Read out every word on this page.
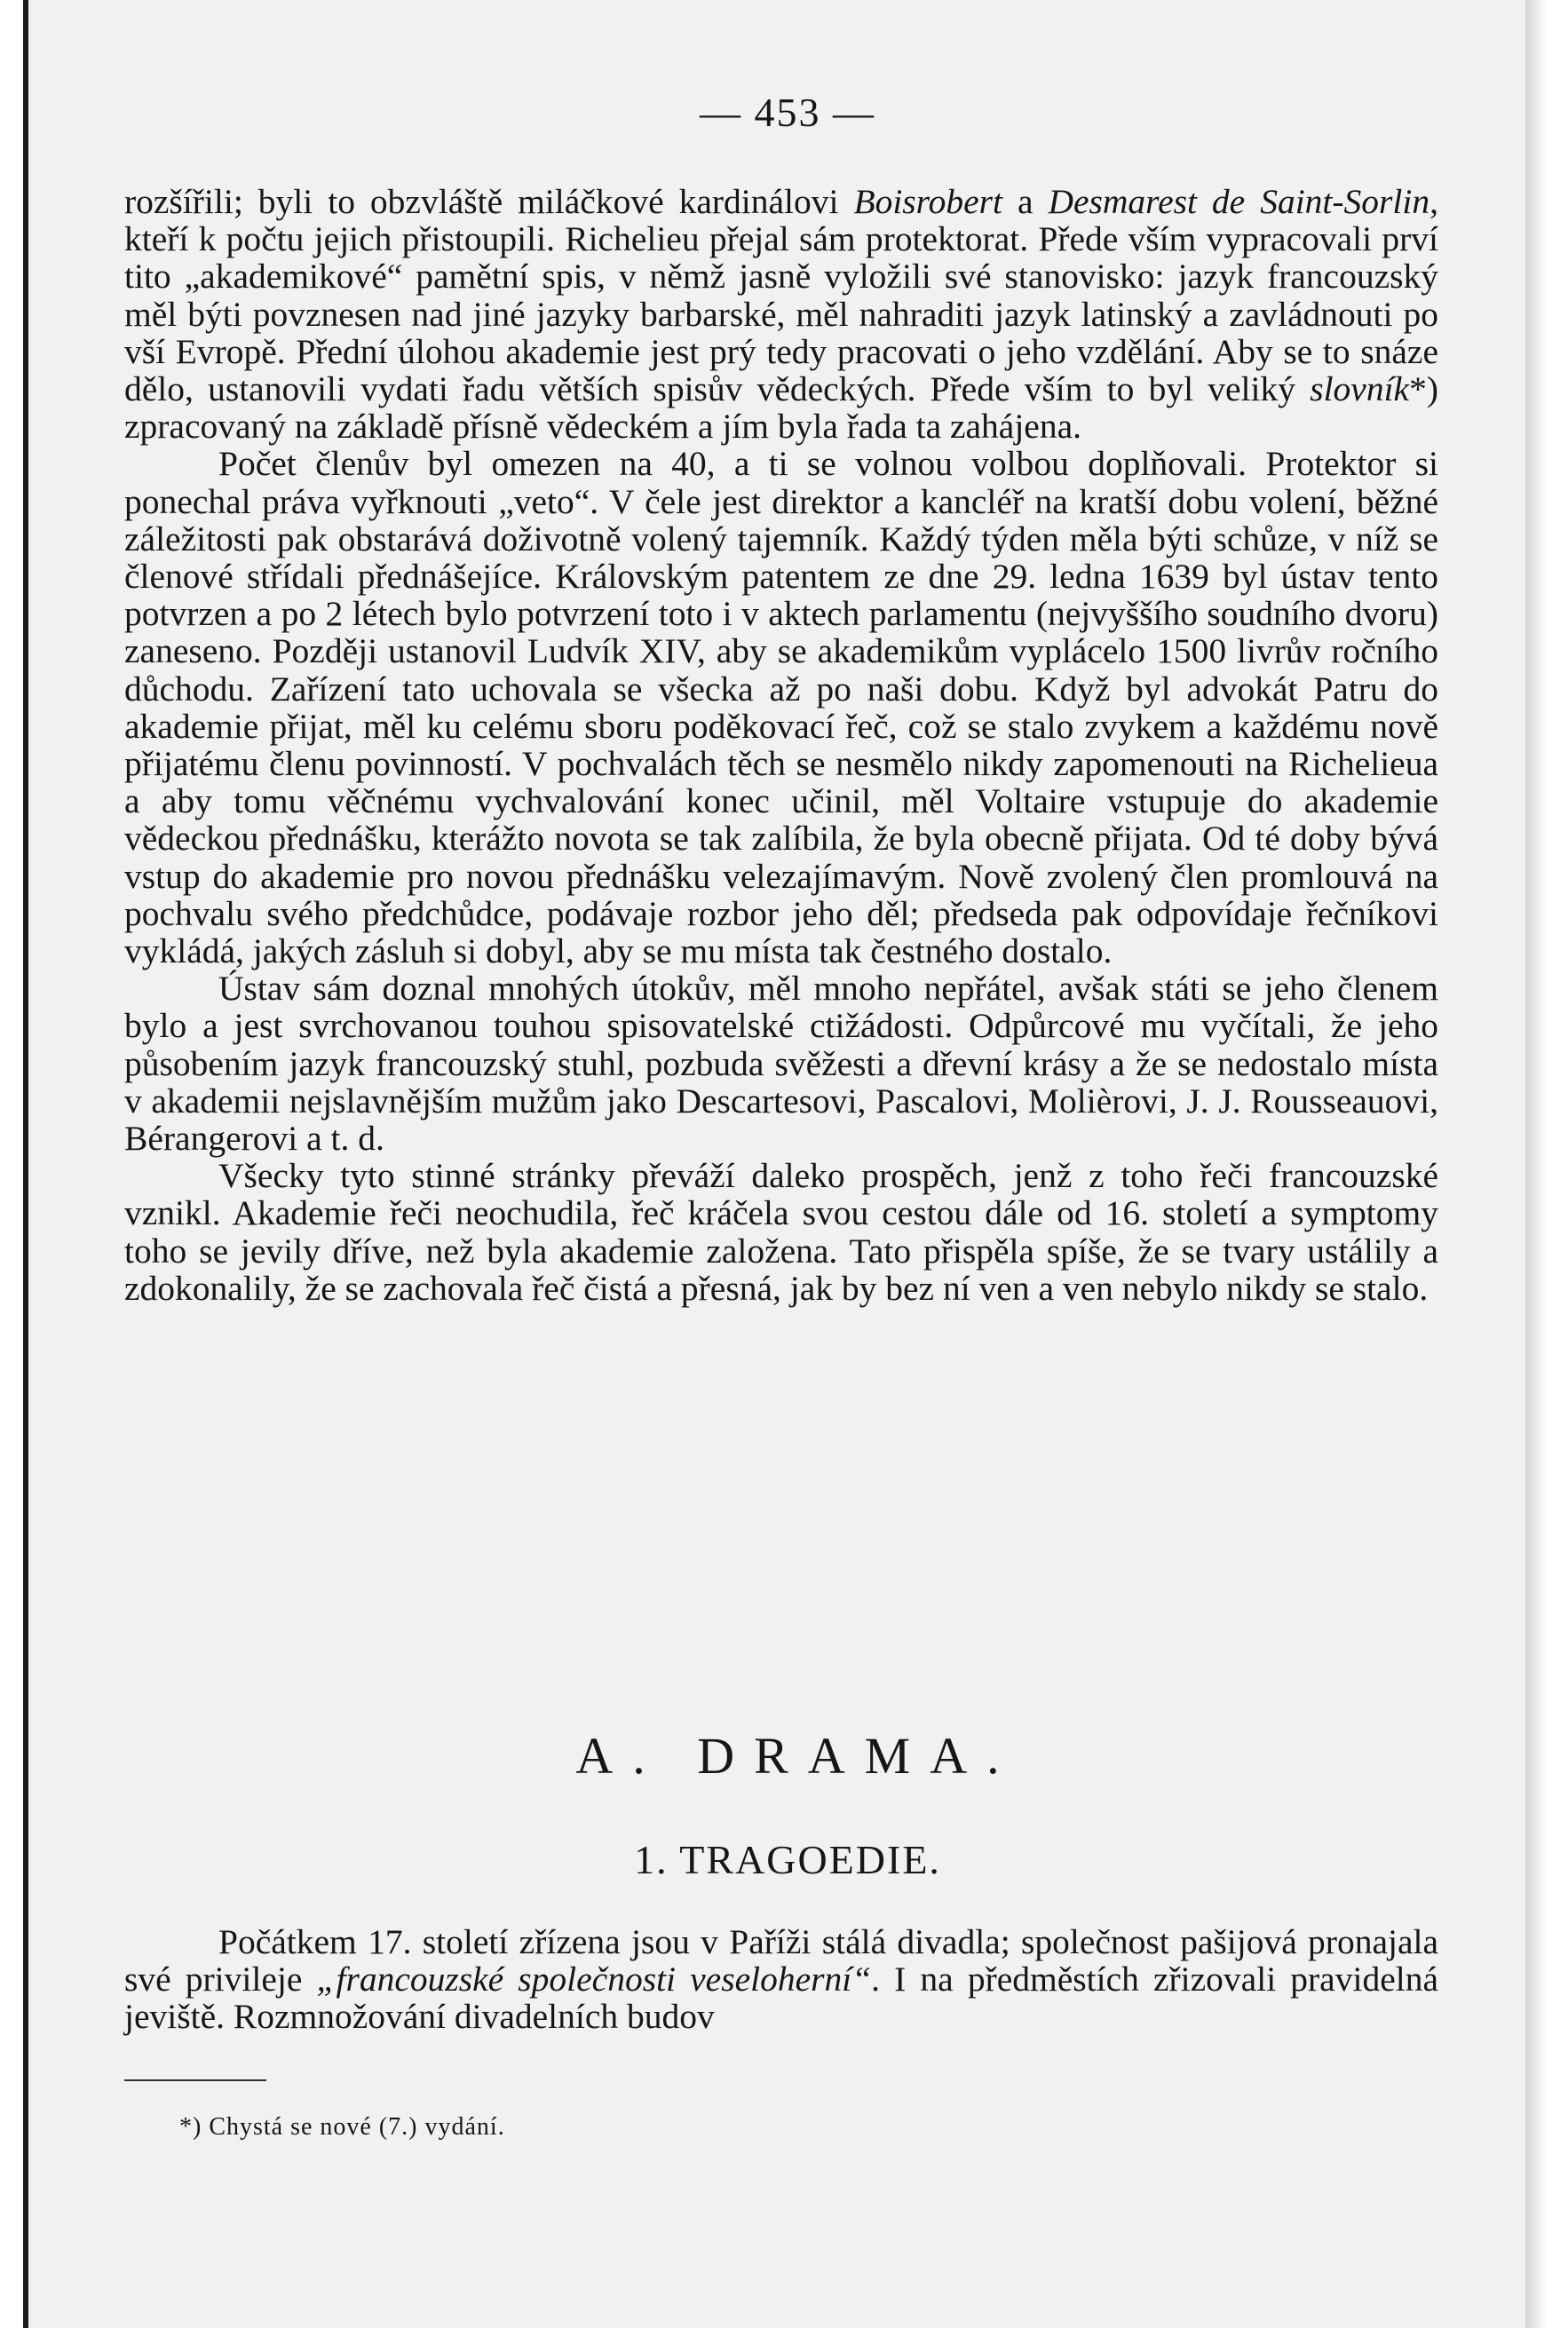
— 453 —

rozšířili; byli to obzvláště miláčkové kardinálovi Boisrobert a Desmarest de Saint-Sorlin, kteří k počtu jejich přistoupili. Richelieu přejal sám protektorat. Přede vším vypracovali prví tito „akademikové“ pamětní spis, v němž jasně vyložili své stanovisko: jazyk francouzský měl býti povznesen nad jiné jazyky barbarské, měl nahraditi jazyk latinský a zavládnouti po vší Evropě. Přední úlohou akademie jest prý tedy pracovati o jeho vzdělání. Aby se to snáze dělo, ustanovili vydati řadu větších spisův vědeckých. Přede vším to byl veliký slovník*) zpracovaný na základě přísně vědeckém a jím byla řada ta zahájena.

Počet členův byl omezen na 40, a ti se volnou volbou doplňovali. Protektor si ponechal práva vyřknouti „veto“. V čele jest direktor a kancléř na kratší dobu volení, běžné záležitosti pak obstarává doživotně volený tajemník. Každý týden měla býti schůze, v níž se členové střídali přednášejíce. Královským patentem ze dne 29. ledna 1639 byl ústav tento potvrzen a po 2 létech bylo potvrzení toto i v aktech parlamentu (nejvyššího soudního dvoru) zaneseno. Později ustanovil Ludvík XIV, aby se akademikům vyplácelo 1500 livrův ročního důchodu. Zařízení tato uchovala se všecka až po naši dobu. Když byl advokát Patru do akademie přijat, měl ku celému sboru poděkovací řeč, což se stalo zvykem a každému nově přijatému členu povinností. V pochvalách těch se nesmělo nikdy zapomenouti na Richelieua a aby tomu věčnému vychvalování konec učinil, měl Voltaire vstupuje do akademie vědeckou přednášku, kterážto novota se tak zalíbila, že byla obecně přijata. Od té doby bývá vstup do akademie pro novou přednášku velezajímavým. Nově zvolený člen promlouvá na pochvalu svého předchůdce, podávaje rozbor jeho děl; předseda pak odpovídaje řečníkovi vykládá, jakých zásluh si dobyl, aby se mu místa tak čestného dostalo.

Ústav sám doznal mnohých útokův, měl mnoho nepřátel, avšak státi se jeho členem bylo a jest svrchovanou touhou spisovatelské ctižádosti. Odpůrcové mu vyčítali, že jeho působením jazyk francouzský stuhl, pozbuda svěžesti a dřevní krásy a že se nedostalo místa v akademii nejslavnějším mužům jako Descartesovi, Pascalovi, Molièrovi, J. J. Rousseauovi, Bérangerovi a t. d.

Všecky tyto stinné stránky převáží daleko prospěch, jenž z toho řeči francouzské vznikl. Akademie řeči neochudila, řeč kráčela svou cestou dále od 16. století a symptomy toho se jevily dříve, než byla akademie založena. Tato přispěla spíše, že se tvary ustálily a zdokonalily, že se zachovala řeč čistá a přesná, jak by bez ní ven a ven nebylo nikdy se stalo.

A. DRAMA.
1. TRAGOEDIE.

Počátkem 17. století zřízena jsou v Paříži stálá divadla; společnost pašijová pronajala své privileje „francouzské společnosti veseloherní“. I na předměstích zřizovali pravidelná jeviště. Rozmnožování divadelních budov

*) Chystá se nové (7.) vydání.
